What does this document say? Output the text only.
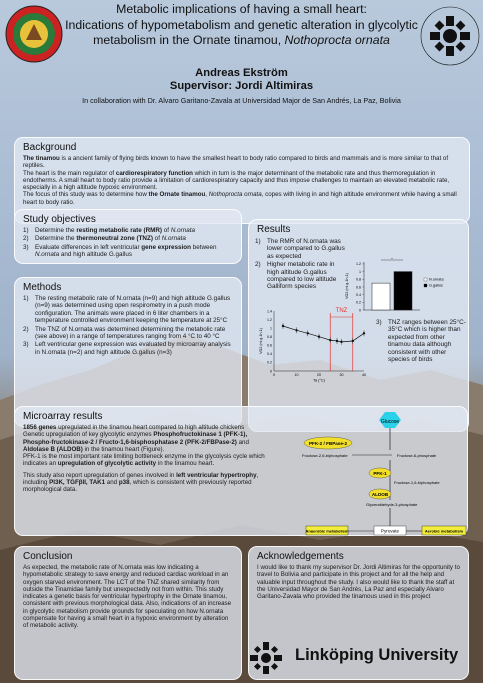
Metabolic implications of having a small heart:
Indications of hypometabolism and genetic alteration in glycolytic
metabolism in the Ornate tinamou, Nothoprocta ornata
Andreas Ekström
Supervisor: Jordi Altimiras
In collaboration with Dr. Alvaro Garitano-Zavala at Universidad Major de San Andrés, La Paz, Bolivia
Background
The tinamou is a ancient family of flying birds known to have the smallest heart to body ratio compared to birds and mammals and is more similar to that of reptiles.
The heart is the main regulator of cardiorespiratory function which in turn is the major determinant of the metabolic rate and thus thermoregulation in endotherms. A small heart to body ratio provide a limitation of cardiorespiratory capacity and thus impose challenges to maintain an elevated metabolic rate, especially in a high altitude hypoxic environment.
The focus of this study was to determine how the Ornate tinamou, Nothoprocta ornata, copes with living in and high altitude environment while having a small heart to body ratio.
Study objectives
1)	Determine the resting metabolic rate (RMR) of N.ornata
2)	Determine the thermoneutral zone (TNZ) of N.ornata
3)	Evaluate differences in left ventricular gene expression between N.ornata and high altitude G.gallus
Methods
1)	The resting metabolic rate of N.ornata (n=9) and high altitude G.gallus (n=9) was determined using open respirometry in a push mode configuration. The animals were placed in 6 liter chambers in a temperature controlled environment keeping the temperature at 25°C
2)	The TNZ of N.ornata was determined determining the metabolic rate (see above) in a range of temperatures ranging from 4 °C to 40 °C
3)	Left ventricular gene expression was evaluated by microarray analysis in N.ornata (n=2) and high altitude G.gallus (n=3)
Results
1) The RMR of N.ornata was lower compared to G.gallus as expected
2) Higher metabolic rate in high altitude G.gallus compared to low altitude Galliform species
3) TNZ ranges between 25°C-35°C which is higher than expected from other tinamou data although consistent with other species of birds
0
0.2
0.4
0.6
0.8
1
1.2
VO2 (ml g-1h-1)
*
N.ornata
G.gallus
1.4
1.2
1
0.8
0.6
0.4
0.2
0
0	10	20	30	40
Ta (°C)
VO2 (ml g-1h-1)
TNZ
Microarray results
1856 genes upregulated in the tinamou heart compared to high altitude chickens
Genetic upregulation of key glycolytic enzymes Phosphofructokinase 1 (PFK-1), Phospho-fructokinase-2 / Fructo-1,6-bisphosphatase 2 (PFK-2/FBPase-2) and Aldolase B (ALDOB) in the tinamou heart (Figure).
PFK-1 is the most important rate limiting bottleneck enzyme in the glycolysis cycle which indicates an upregulation of glycolytic activity in the tinamou heart.
This study also report upregulation of genes involved in left ventricular hypertrophy, including PI3K, TGFβII, TAK1 and p38, which is consistent with previously reported morphological data.
Glucose
PFK-2 / FBPase-2
Fructose-2,6-biphosphate	Fructose-6-phosphate
PFK-1
Fructose-1,6-biphosphate
ALDOB
Glyceraldehyde-3-phosphate
Pyruvate
Anaerobic metabolism	Aerobic metabolism
Conclusion
As expected, the metabolic rate of N.ornata was low indicating a hypometabolic strategy to save energy and reduced cardiac workload in an oxygen starved environment. The LCT of the TNZ shared similarity from outside the Tinamidae family but unexpectedly not from within. This study indicates a genetic basis for ventricular hypertrophy in the Ornate tinamou, consistent with previous morphological data. Also, indications of an increase in glycolytic metabolism provide grounds for speculating on how N.ornata compensate for having a small heart in a hypoxic environment by alteration of metabolic activity.
Acknowledgements
I would like to thank my supervisor Dr. Jordi Altimiras for the opportunity to travel to Bolivia and participate in this project and for all the help and valuable input throughout the study. I also would like to thank the staff at the Universidad Mayor de San Andrés, La Paz and especially Alvaro Garitano-Zavala who provided the tinamous used in this project
Linköping University
